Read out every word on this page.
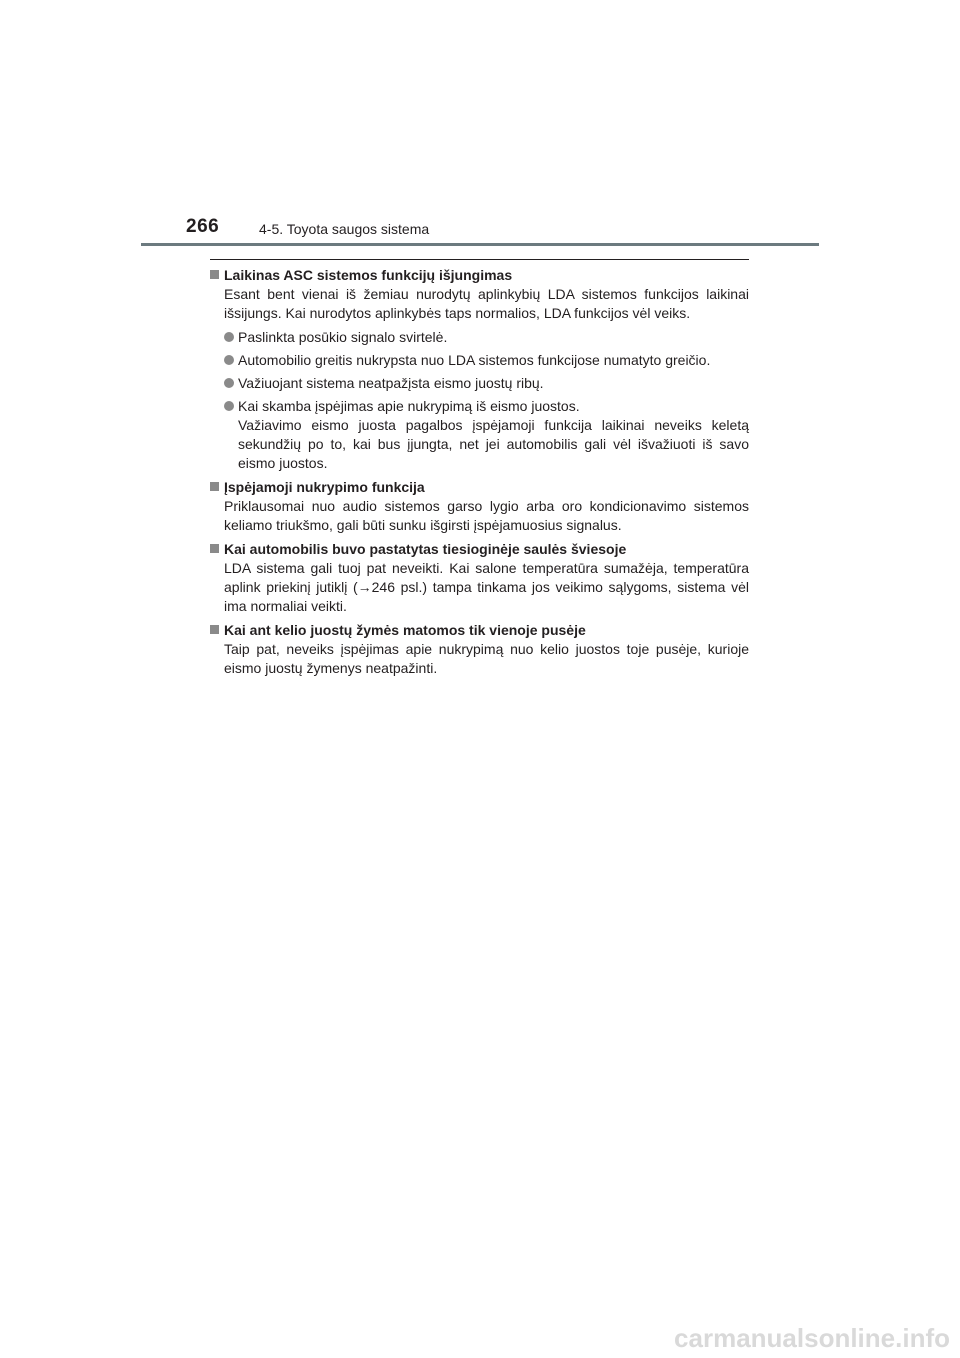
266	4-5. Toyota saugos sistema
Laikinas ASC sistemos funkcijų išjungimas
Esant bent vienai iš žemiau nurodytų aplinkybių LDA sistemos funkcijos laikinai išsijungs. Kai nurodytos aplinkybės taps normalios, LDA funkcijos vėl veiks.
Paslinkta posūkio signalo svirtelė.
Automobilio greitis nukrypsta nuo LDA sistemos funkcijose numatyto greičio.
Važiuojant sistema neatpažįsta eismo juostų ribų.
Kai skamba įspėjimas apie nukrypimą iš eismo juostos.
Važiavimo eismo juosta pagalbos įspėjamoji funkcija laikinai neveiks keletą sekundžių po to, kai bus įjungta, net jei automobilis gali vėl išvažiuoti iš savo eismo juostos.
Įspėjamoji nukrypimo funkcija
Priklausomai nuo audio sistemos garso lygio arba oro kondicionavimo sistemos keliamo triukšmo, gali būti sunku išgirsti įspėjamuosius signalus.
Kai automobilis buvo pastatytas tiesioginėje saulės šviesoje
LDA sistema gali tuoj pat neveikti. Kai salone temperatūra sumažėja, temperatūra aplink priekinį jutiklį (→246 psl.) tampa tinkama jos veikimo sąlygoms, sistema vėl ima normaliai veikti.
Kai ant kelio juostų žymės matomos tik vienoje pusėje
Taip pat, neveiks įspėjimas apie nukrypimą nuo kelio juostos toje pusėje, kurioje eismo juostų žymenys neatpažinti.
carmanualsonline.info
